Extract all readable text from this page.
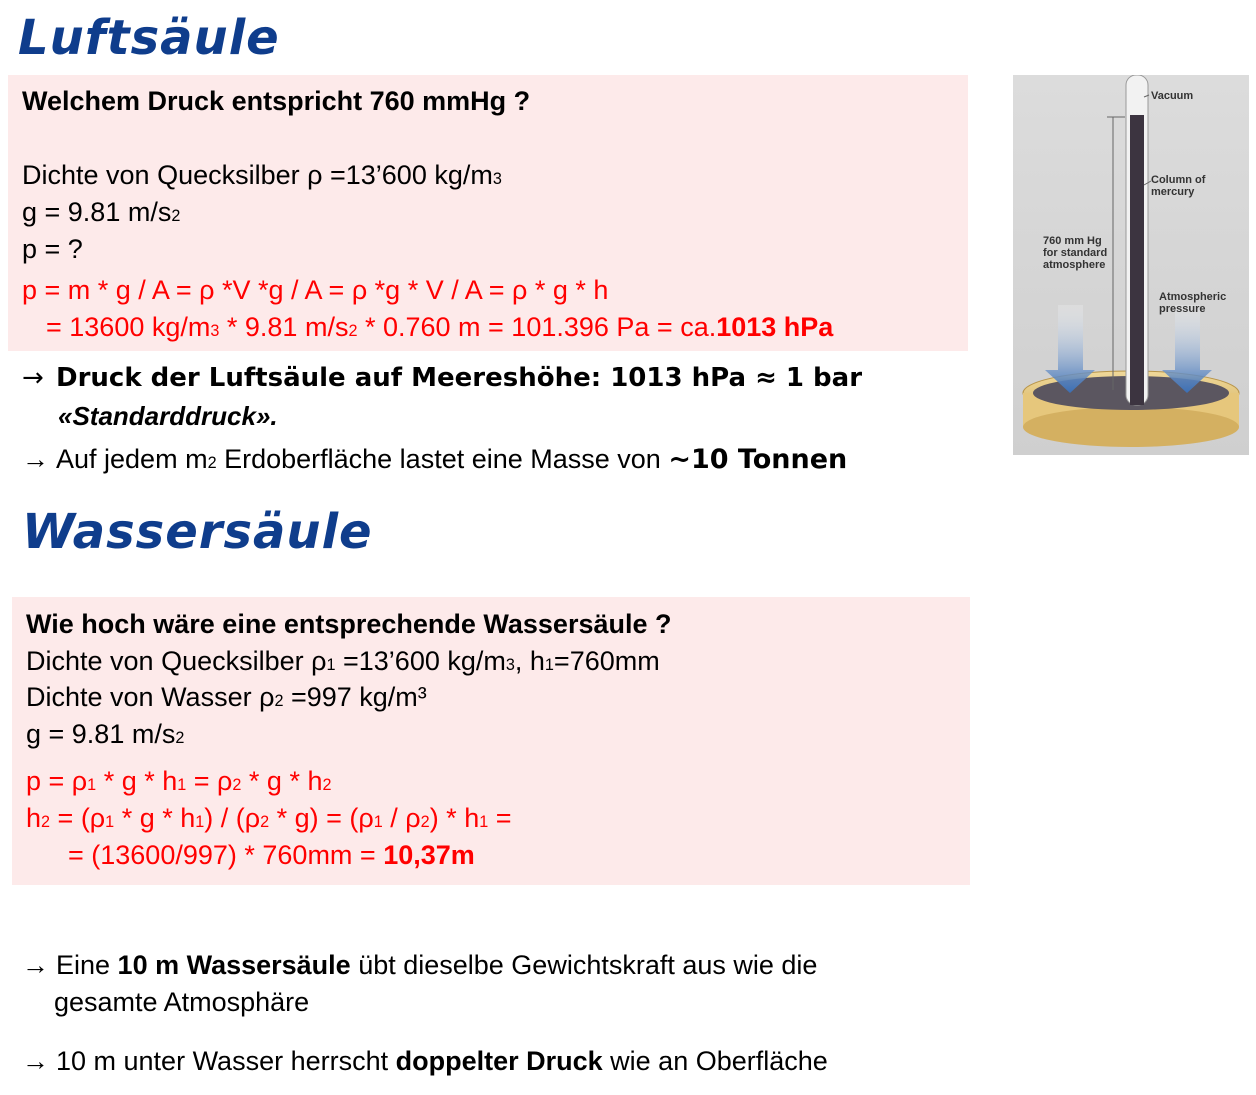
Luftsäule
Welchem Druck entspricht 760 mmHg ?
Dichte von Quecksilber ρ =13’600 $kg/m^3$
g = 9.81 $m/s^2$
p = ?
p = m * g / A = ρ *V *g / A = ρ *g * V / A = ρ * g * h
= 13600 $kg/m^3 * 9.81$ $m/s^2 * 0.760$ m = 101.396 Pa = ca.1013 hPa
→ Druck der Luftsäule auf Meereshöhe: 1013 hPa ≈ 1 bar
«Standarddruck».
→ Auf jedem $m^2$ Erdoberfläche lastet eine Masse von ~10 Tonnen
Vacuum
Column of
mercury
760 mm Hg
for standard
atmosphere
Atmospheric
pressure
Wassersäule
Wie hoch wäre eine entsprechende Wassersäule ?
Dichte von Quecksilber $\rho_1$ =13’600 $kg/m^3$, $h_1=760mm$
Dichte von Wasser $\rho_2 =997$ kg/m³
g = 9.81 $m/s^2$
$p = \rho_1 * g * h_1 = \rho_2 * g * h_2$
$h_2 = (\rho_1 * g * h_1) / (\rho_2 * g) = (\rho_1 / \rho_2) * h_1$ =
= (13600/997) * 760mm = 10,37m
→ Eine 10 m Wassersäule übt dieselbe Gewichtskraft aus wie die
gesamte Atmosphäre
→ 10 m unter Wasser herrscht doppelter Druck wie an Oberfläche
